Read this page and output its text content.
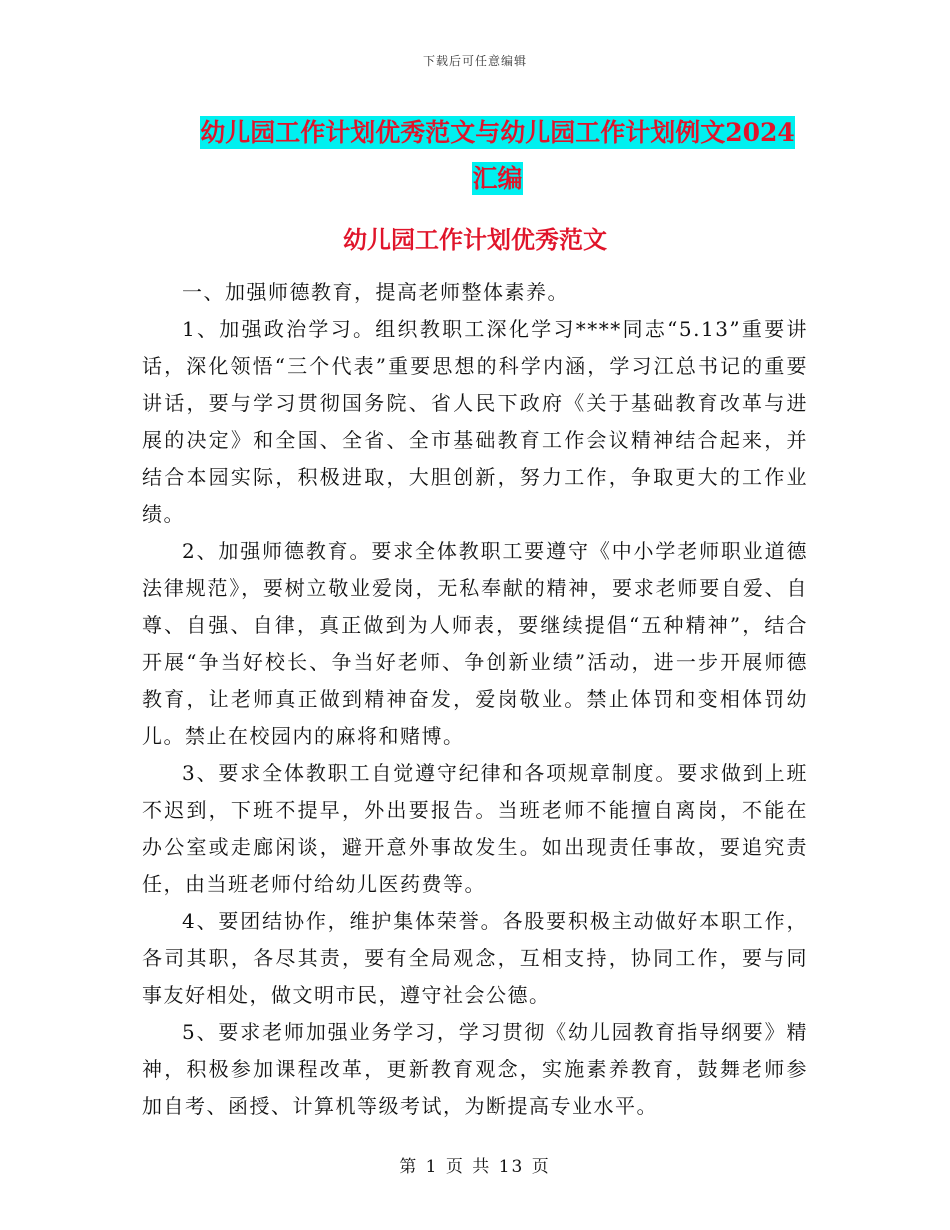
下载后可任意编辑
幼儿园工作计划优秀范文与幼儿园工作计划例文2024
汇编
幼儿园工作计划优秀范文

一、加强师德教育，提高老师整体素养。

1、加强政治学习。组织教职工深化学习****同志“5.13”重要讲话，深化领悟“三个代表”重要思想的科学内涵，学习江总书记的重要讲话，要与学习贯彻国务院、省人民下政府《关于基础教育改革与进展的决定》和全国、全省、全市基础教育工作会议精神结合起来，并结合本园实际，积极进取，大胆创新，努力工作，争取更大的工作业绩。

2、加强师德教育。要求全体教职工要遵守《中小学老师职业道德法律规范》，要树立敬业爱岗，无私奉献的精神，要求老师要自爱、自尊、自强、自律，真正做到为人师表，要继续提倡“五种精神”，结合开展“争当好校长、争当好老师、争创新业绩”活动，进一步开展师德教育，让老师真正做到精神奋发，爱岗敬业。禁止体罚和变相体罚幼儿。禁止在校园内的麻将和赌博。

3、要求全体教职工自觉遵守纪律和各项规章制度。要求做到上班不迟到，下班不提早，外出要报告。当班老师不能擅自离岗，不能在办公室或走廊闲谈，避开意外事故发生。如出现责任事故，要追究责任，由当班老师付给幼儿医药费等。

4、要团结协作，维护集体荣誉。各股要积极主动做好本职工作，各司其职，各尽其责，要有全局观念，互相支持，协同工作，要与同事友好相处，做文明市民，遵守社会公德。

5、要求老师加强业务学习，学习贯彻《幼儿园教育指导纲要》精神，积极参加课程改革，更新教育观念，实施素养教育，鼓舞老师参加自考、函授、计算机等级考试，为断提高专业水平。

第 1 页 共 13 页
